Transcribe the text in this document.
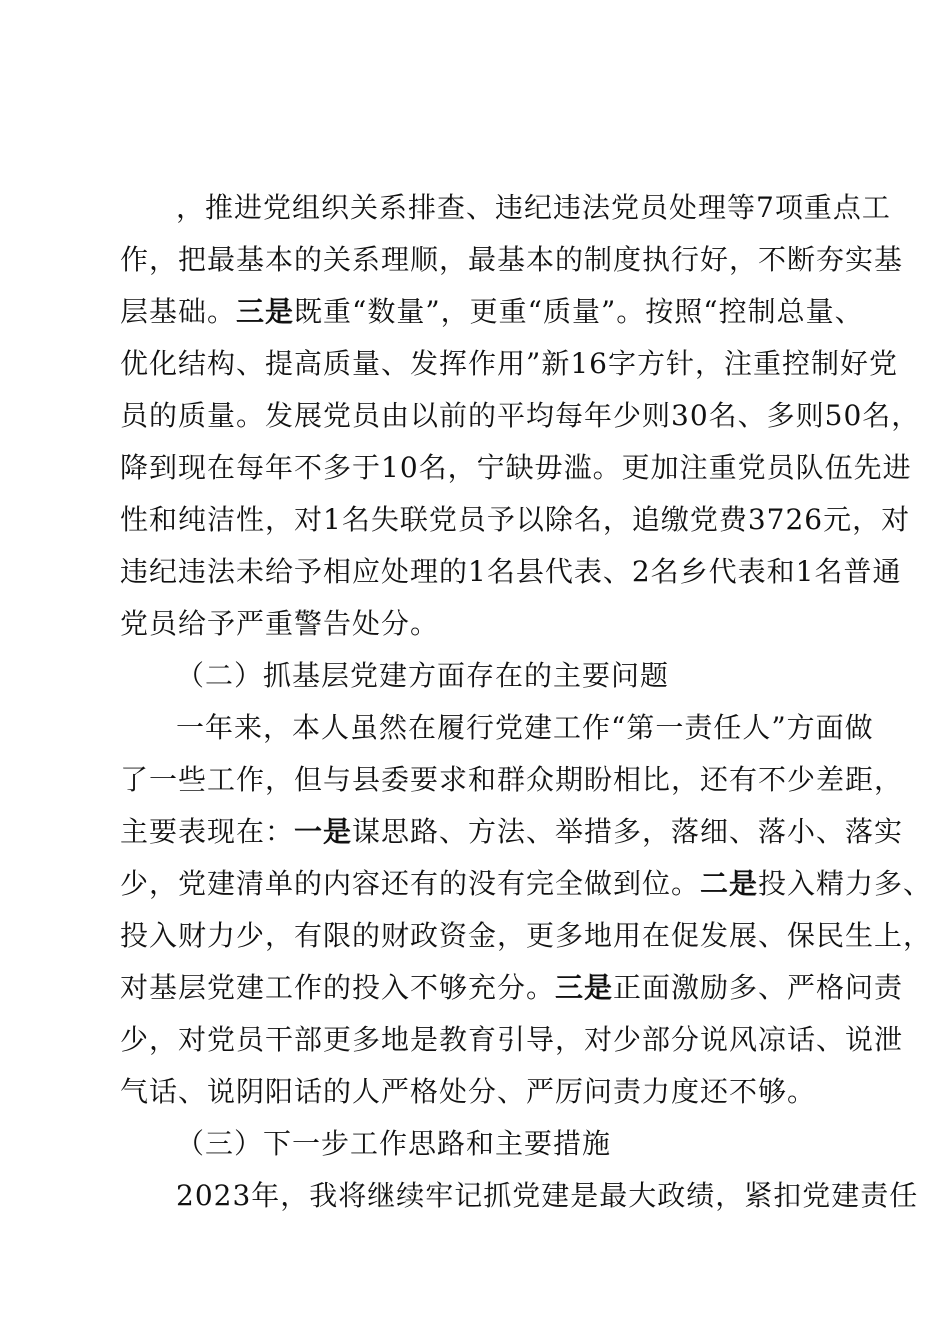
，推进党组织关系排查、违纪违法党员处理等7项重点工
作，把最基本的关系理顺，最基本的制度执行好，不断夯实基
层基础。三是既重“数量”，更重“质量”。按照“控制总量、
优化结构、提高质量、发挥作用”新16字方针，注重控制好党
员的质量。发展党员由以前的平均每年少则30名、多则50名，
降到现在每年不多于10名，宁缺毋滥。更加注重党员队伍先进
性和纯洁性，对1名失联党员予以除名，追缴党费3726元，对
违纪违法未给予相应处理的1名县代表、2名乡代表和1名普通
党员给予严重警告处分。
（二）抓基层党建方面存在的主要问题
一年来，本人虽然在履行党建工作“第一责任人”方面做
了一些工作，但与县委要求和群众期盼相比，还有不少差距，
主要表现在：一是谋思路、方法、举措多，落细、落小、落实
少，党建清单的内容还有的没有完全做到位。二是投入精力多、
投入财力少，有限的财政资金，更多地用在促发展、保民生上，
对基层党建工作的投入不够充分。三是正面激励多、严格问责
少，对党员干部更多地是教育引导，对少部分说风凉话、说泄
气话、说阴阳话的人严格处分、严厉问责力度还不够。
（三）下一步工作思路和主要措施
2023年，我将继续牢记抓党建是最大政绩，紧扣党建责任
